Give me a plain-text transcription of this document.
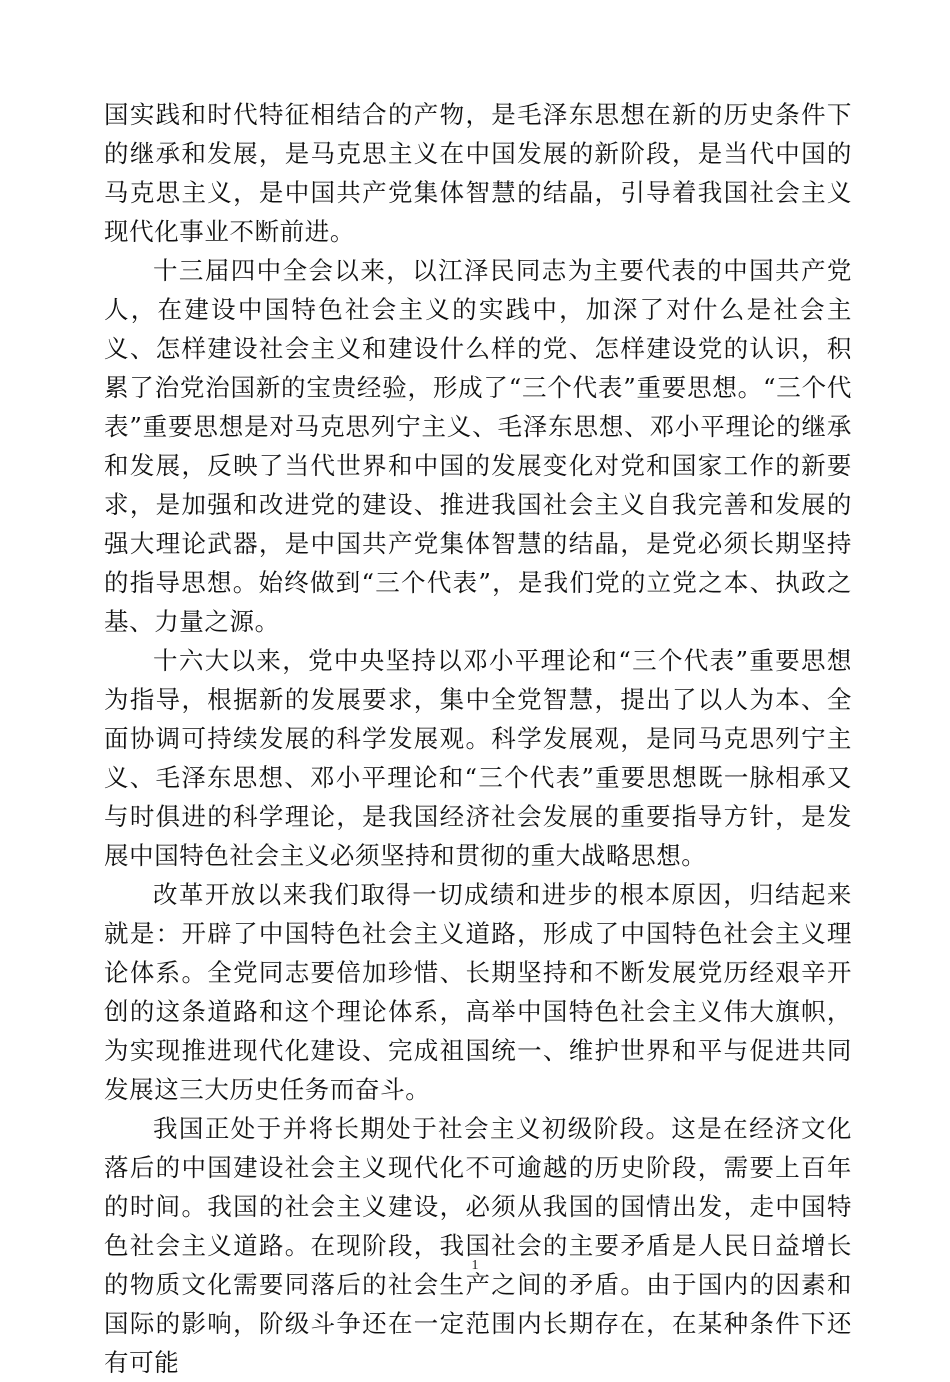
国实践和时代特征相结合的产物，是毛泽东思想在新的历史条件下的继承和发展，是马克思主义在中国发展的新阶段，是当代中国的马克思主义，是中国共产党集体智慧的结晶，引导着我国社会主义现代化事业不断前进。

十三届四中全会以来，以江泽民同志为主要代表的中国共产党人，在建设中国特色社会主义的实践中，加深了对什么是社会主义、怎样建设社会主义和建设什么样的党、怎样建设党的认识，积累了治党治国新的宝贵经验，形成了“三个代表”重要思想。“三个代表”重要思想是对马克思列宁主义、毛泽东思想、邓小平理论的继承和发展，反映了当代世界和中国的发展变化对党和国家工作的新要求，是加强和改进党的建设、推进我国社会主义自我完善和发展的强大理论武器，是中国共产党集体智慧的结晶，是党必须长期坚持的指导思想。始终做到“三个代表”，是我们党的立党之本、执政之基、力量之源。

十六大以来，党中央坚持以邓小平理论和“三个代表”重要思想为指导，根据新的发展要求，集中全党智慧，提出了以人为本、全面协调可持续发展的科学发展观。科学发展观，是同马克思列宁主义、毛泽东思想、邓小平理论和“三个代表”重要思想既一脉相承又与时俱进的科学理论，是我国经济社会发展的重要指导方针，是发展中国特色社会主义必须坚持和贯彻的重大战略思想。

改革开放以来我们取得一切成绩和进步的根本原因，归结起来就是：开辟了中国特色社会主义道路，形成了中国特色社会主义理论体系。全党同志要倍加珍惜、长期坚持和不断发展党历经艰辛开创的这条道路和这个理论体系，高举中国特色社会主义伟大旗帜，为实现推进现代化建设、完成祖国统一、维护世界和平与促进共同发展这三大历史任务而奋斗。

我国正处于并将长期处于社会主义初级阶段。这是在经济文化落后的中国建设社会主义现代化不可逾越的历史阶段，需要上百年的时间。我国的社会主义建设，必须从我国的国情出发，走中国特色社会主义道路。在现阶段，我国社会的主要矛盾是人民日益增长的物质文化需要同落后的社会生产之间的矛盾。由于国内的因素和国际的影响，阶级斗争还在一定范围内长期存在，在某种条件下还有可能

1
